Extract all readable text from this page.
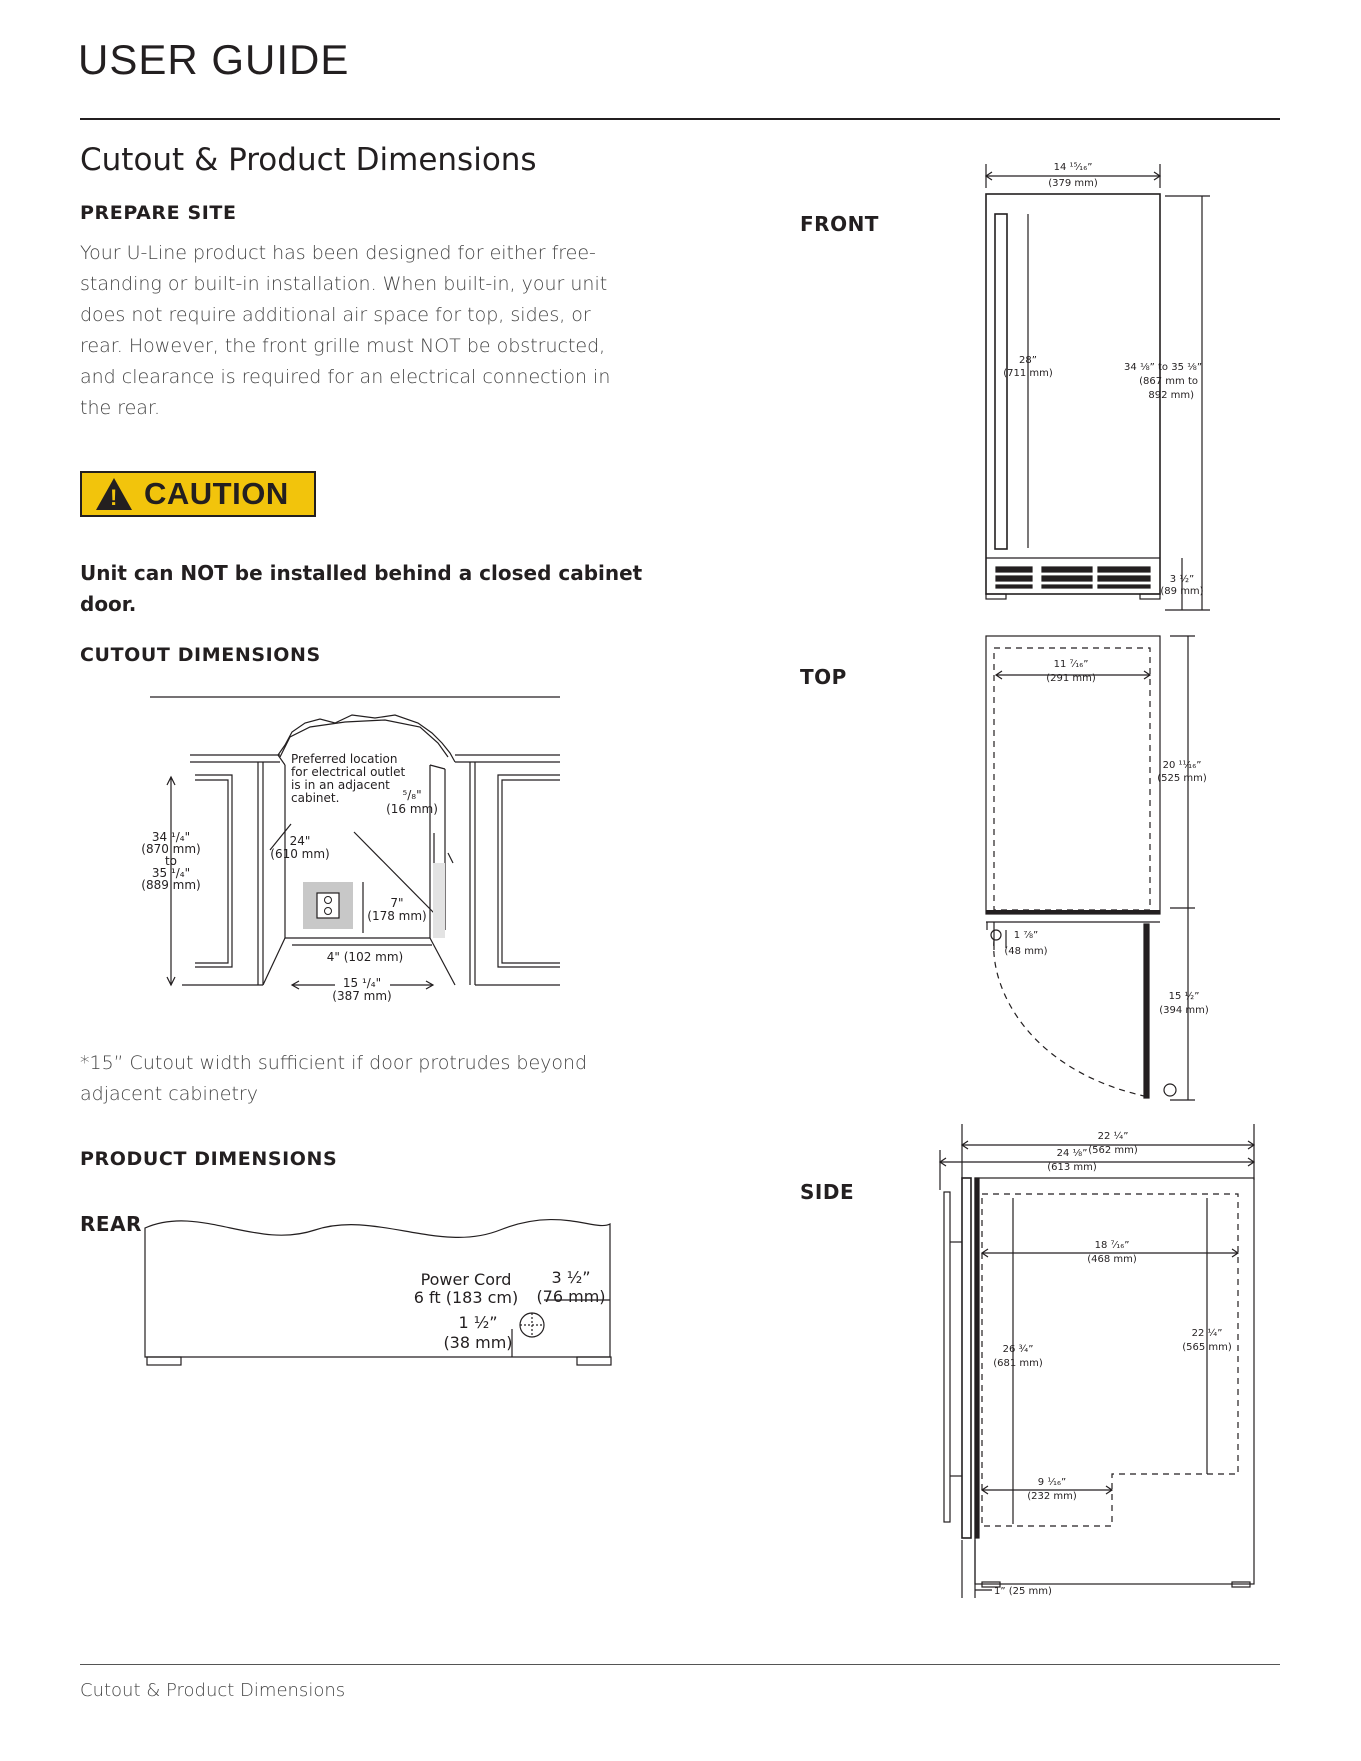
USER GUIDE
Cutout & Product Dimensions
PREPARE SITE
Your U-Line product has been designed for either free-
standing or built-in installation. When built-in, your unit
does not require additional air space for top, sides, or
rear. However, the front grille must NOT be obstructed,
and clearance is required for an electrical connection in
the rear.
! CAUTION
Unit can NOT be installed behind a closed cabinet
door.
CUTOUT DIMENSIONS
Preferred location
for electrical outlet
is in an adjacent
cabinet.	⁵/₈"
(16 mm)
34 ¹/₄"
(870 mm)
to
35 ¹/₄"
(889 mm)
24"
(610 mm)
7"
(178 mm)
4" (102 mm)
15 ¹/₄"
(387 mm)
*15” Cutout width sufficient if door protrudes beyond
adjacent cabinetry
PRODUCT DIMENSIONS
REAR
Power Cord
6 ft (183 cm)
3 ½”
(76 mm)
1 ½”
(38 mm)
FRONT
14 ¹⁵⁄₁₆”
(379 mm)
28”
(711 mm)
34 ⅛” to 35 ⅛”
(867 mm to
892 mm)
3 ½”
(89 mm)
TOP
11 ⁷⁄₁₆”
(291 mm)
20 ¹¹⁄₁₆”
(525 mm)
1 ⅞”
(48 mm)
15 ½”
(394 mm)
SIDE
22 ¼”
(562 mm)
24 ⅛”
(613 mm)
18 ⁷⁄₁₆”
(468 mm)
22 ¼”
(565 mm)
26 ¾”
(681 mm)
9 ¹⁄₁₆”
(232 mm)
1” (25 mm)
Cutout & Product Dimensions
